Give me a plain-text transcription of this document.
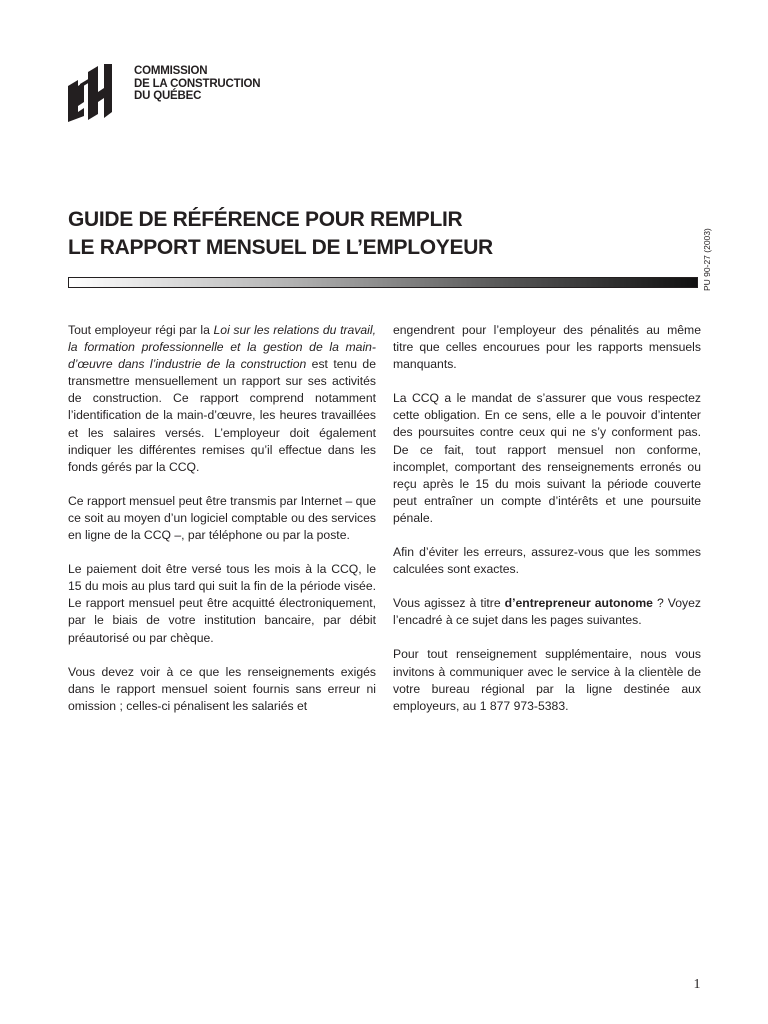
COMMISSION
DE LA CONSTRUCTION
DU QUÉBEC
GUIDE DE RÉFÉRENCE POUR REMPLIR
LE RAPPORT MENSUEL DE L’EMPLOYEUR	PU 90-27 (2003)

Tout employeur régi par la Loi sur les relations du travail, la formation professionnelle et la gestion de la main-d’œuvre dans l’industrie de la construction est tenu de transmettre mensuellement un rapport sur ses activités de construction. Ce rapport comprend notamment l’identification de la main-d’œuvre, les heures travaillées et les salaires versés. L’employeur doit également indiquer les différentes remises qu’il effectue dans les fonds gérés par la CCQ.

Ce rapport mensuel peut être transmis par Internet – que ce soit au moyen d’un logiciel comptable ou des services en ligne de la CCQ –, par téléphone ou par la poste.

Le paiement doit être versé tous les mois à la CCQ, le 15 du mois au plus tard qui suit la fin de la période visée. Le rapport mensuel peut être acquitté électroniquement, par le biais de votre institution bancaire, par débit préautorisé ou par chèque.

Vous devez voir à ce que les renseignements exigés dans le rapport mensuel soient fournis sans erreur ni omission ; celles-ci pénalisent les salariés et

engendrent pour l’employeur des pénalités au même titre que celles encourues pour les rapports mensuels manquants.

La CCQ a le mandat de s’assurer que vous respectez cette obligation. En ce sens, elle a le pouvoir d’intenter des poursuites contre ceux qui ne s’y conforment pas. De ce fait, tout rapport mensuel non conforme, incomplet, comportant des renseignements erronés ou reçu après le 15 du mois suivant la période couverte peut entraîner un compte d’intérêts et une poursuite pénale.

Afin d’éviter les erreurs, assurez-vous que les sommes calculées sont exactes.

Vous agissez à titre d’entrepreneur autonome ? Voyez l’encadré à ce sujet dans les pages suivantes.

Pour tout renseignement supplémentaire, nous vous invitons à communiquer avec le service à la clientèle de votre bureau régional par la ligne destinée aux employeurs, au 1 877 973-5383.

1
